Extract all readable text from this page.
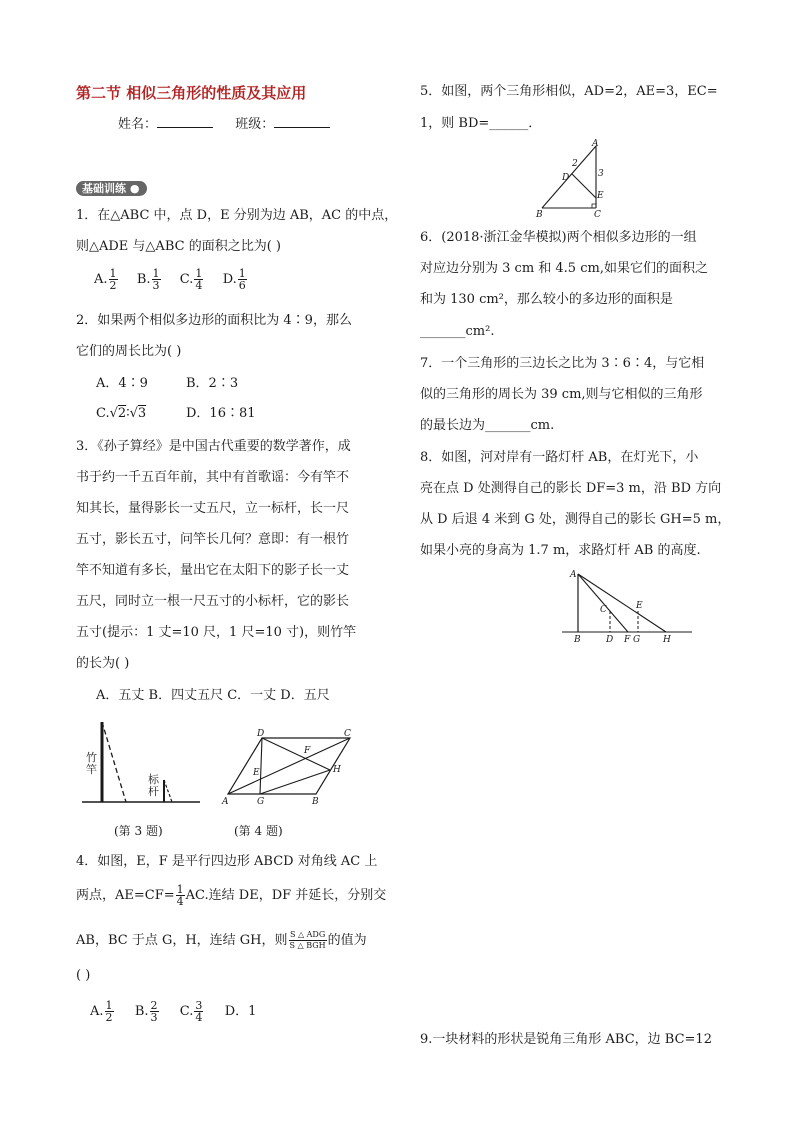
第二节 相似三角形的性质及其应用
姓名：	班级：
基础训练 ●
1．在△ABC 中，点 D，E 分别为边 AB，AC 的中点，
则△ADE 与△ABC 的面积之比为( )
A. $\frac{1}{2} B$. $\frac{1}{3} C$. $\frac{1}{4} D$. $\frac{1}{6}$
2．如果两个相似多边形的面积比为 4∶9，那么
它们的周长比为( )
A．4∶9	B．2∶3
C.√2∶√3	D．16∶81
3．《孙子算经》是中国古代重要的数学著作，成
书于约一千五百年前，其中有首歌谣：今有竿不
知其长，量得影长一丈五尺，立一标杆，长一尺
五寸，影长五寸，问竿长几何？意即：有一根竹
竿不知道有多长，量出它在太阳下的影子长一丈
五尺，同时立一根一尺五寸的小标杆，它的影长
五寸(提示：1 丈=10 尺，1 尺=10 寸)，则竹竿
的长为( )
A．五丈 B．四丈五尺 C．一丈 D．五尺
竹
竿
标
杆
(第 3 题)
D	C
F
H
E
A	G	B
(第 4 题)
4．如图，E，F 是平行四边形 ABCD 对角线 AC 上
两点，$AE=CF= \frac{1}{4}$ AC.连结 DE，DF 并延长，分别交
AB，BC 于点 G，H，连结 GH，则 $\frac{\text{S △ ADG}}{\text{S △ BGH}}$ 的值为
( )
A. $\frac{1}{2} B$. $\frac{2}{3} C$. $\frac{3}{4}$ D．1
5．如图，两个三角形相似，AD=2，AE=3，EC=
1，则 BD=______．
A
2
D	3
E
B	C
6．(2018·浙江金华模拟)两个相似多边形的一组
对应边分别为 3 cm 和 4.5 cm,如果它们的面积之
和为 130 cm²，那么较小的多边形的面积是
_______cm².
7．一个三角形的三边长之比为 3∶6∶4，与它相
似的三角形的周长为 39 cm,则与它相似的三角形
的最长边为_______cm.
8．如图，河对岸有一路灯杆 AB，在灯光下，小
亮在点 D 处测得自己的影长 DF=3 m，沿 BD 方向
从 D 后退 4 米到 G 处，测得自己的影长 GH=5 m，
如果小亮的身高为 1.7 m，求路灯杆 AB 的高度.
A
C	E
B	D F G	H
9.一块材料的形状是锐角三角形 ABC，边 BC=12
